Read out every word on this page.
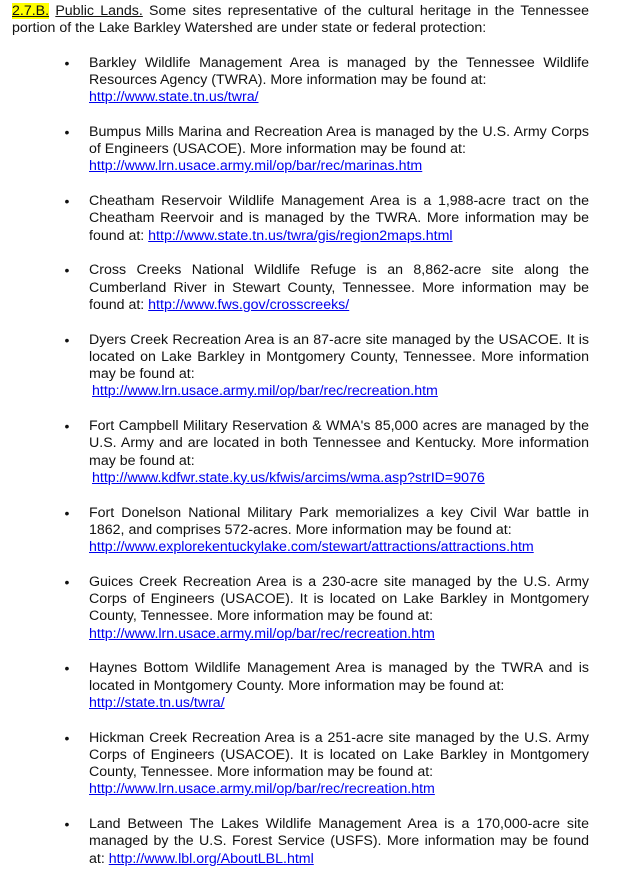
2.7.B. Public Lands. Some sites representative of the cultural heritage in the Tennessee portion of the Lake Barkley Watershed are under state or federal protection:

• Barkley Wildlife Management Area is managed by the Tennessee Wildlife Resources Agency (TWRA). More information may be found at:
http://www.state.tn.us/twra/
• Bumpus Mills Marina and Recreation Area is managed by the U.S. Army Corps of Engineers (USACOE). More information may be found at:
http://www.lrn.usace.army.mil/op/bar/rec/marinas.htm
• Cheatham Reservoir Wildlife Management Area is a 1,988-acre tract on the Cheatham Reervoir and is managed by the TWRA. More information may be found at: http://www.state.tn.us/twra/gis/region2maps.html
• Cross Creeks National Wildlife Refuge is an 8,862-acre site along the Cumberland River in Stewart County, Tennessee. More information may be found at: http://www.fws.gov/crosscreeks/
• Dyers Creek Recreation Area is an 87-acre site managed by the USACOE. It is located on Lake Barkley in Montgomery County, Tennessee. More information may be found at:
http://www.lrn.usace.army.mil/op/bar/rec/recreation.htm
• Fort Campbell Military Reservation & WMA's 85,000 acres are managed by the U.S. Army and are located in both Tennessee and Kentucky. More information may be found at:
http://www.kdfwr.state.ky.us/kfwis/arcims/wma.asp?strID=9076
• Fort Donelson National Military Park memorializes a key Civil War battle in 1862, and comprises 572-acres. More information may be found at:
http://www.explorekentuckylake.com/stewart/attractions/attractions.htm
• Guices Creek Recreation Area is a 230-acre site managed by the U.S. Army Corps of Engineers (USACOE). It is located on Lake Barkley in Montgomery County, Tennessee. More information may be found at:
http://www.lrn.usace.army.mil/op/bar/rec/recreation.htm
• Haynes Bottom Wildlife Management Area is managed by the TWRA and is located in Montgomery County. More information may be found at:
http://state.tn.us/twra/
• Hickman Creek Recreation Area is a 251-acre site managed by the U.S. Army Corps of Engineers (USACOE). It is located on Lake Barkley in Montgomery County, Tennessee. More information may be found at:
http://www.lrn.usace.army.mil/op/bar/rec/recreation.htm
• Land Between The Lakes Wildlife Management Area is a 170,000-acre site managed by the U.S. Forest Service (USFS). More information may be found at: http://www.lbl.org/AboutLBL.html
